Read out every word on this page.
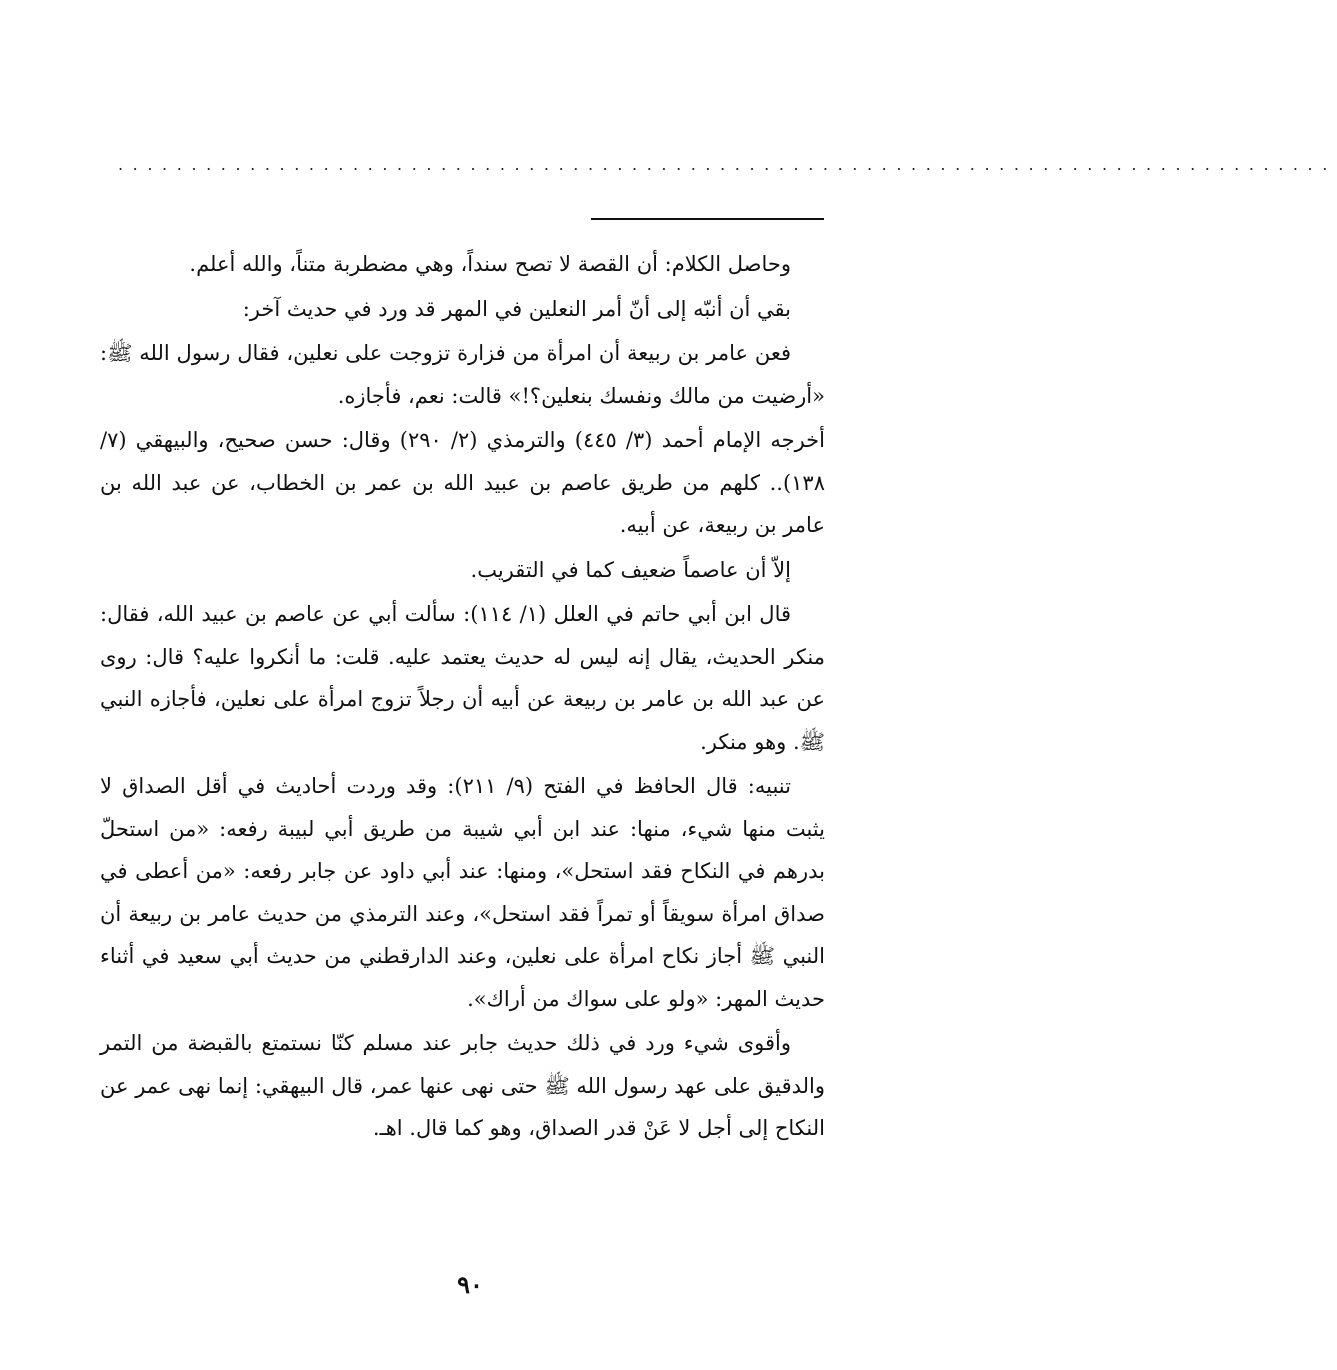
...................................................................................

وحاصل الكلام: أن القصة لا تصح سنداً، وهي مضطربة متناً، والله أعلم.

بقي أن أنبّه إلى أنّ أمر النعلين في المهر قد ورد في حديث آخر:

فعن عامر بن ربيعة أن امرأة من فزارة تزوجت على نعلين، فقال رسول الله ﷺ: «أرضيت من مالك ونفسك بنعلين؟!» قالت: نعم، فأجازه.

أخرجه الإمام أحمد (٣/ ٤٤٥) والترمذي (٢/ ٢٩٠) وقال: حسن صحيح، والبيهقي (٧/ ١٣٨).. كلهم من طريق عاصم بن عبيد الله بن عمر بن الخطاب، عن عبد الله بن عامر بن ربيعة، عن أبيه.

إلاّ أن عاصماً ضعيف كما في التقريب.

قال ابن أبي حاتم في العلل (١/ ١١٤): سألت أبي عن عاصم بن عبيد الله، فقال: منكر الحديث، يقال إنه ليس له حديث يعتمد عليه. قلت: ما أنكروا عليه؟ قال: روى عن عبد الله بن عامر بن ربيعة عن أبيه أن رجلاً تزوج امرأة على نعلين، فأجازه النبي ﷺ. وهو منكر.

تنبيه: قال الحافظ في الفتح (٩/ ٢١١): وقد وردت أحاديث في أقل الصداق لا يثبت منها شيء، منها: عند ابن أبي شيبة من طريق أبي لبيبة رفعه: «من استحلّ بدرهم في النكاح فقد استحل»، ومنها: عند أبي داود عن جابر رفعه: «من أعطى في صداق امرأة سويقاً أو تمراً فقد استحل»، وعند الترمذي من حديث عامر بن ربيعة أن النبي ﷺ أجاز نكاح امرأة على نعلين، وعند الدارقطني من حديث أبي سعيد في أثناء حديث المهر: «ولو على سواك من أراك».

وأقوى شيء ورد في ذلك حديث جابر عند مسلم كنّا نستمتع بالقبضة من التمر والدقيق على عهد رسول الله ﷺ حتى نهى عنها عمر، قال البيهقي: إنما نهى عمر عن النكاح إلى أجل لا عَنْ قدر الصداق، وهو كما قال. اهـ.

٩٠
